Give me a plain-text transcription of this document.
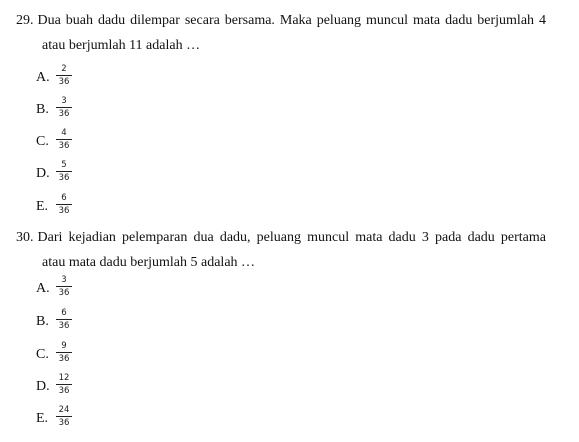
29. Dua buah dadu dilempar secara bersama. Maka peluang muncul mata dadu berjumlah 4
atau berjumlah 11 adalah …
A.
2
36
B.
3
36
C.
4
36
D.
5
36
E.
6
36
30. Dari kejadian pelemparan dua dadu, peluang muncul mata dadu 3 pada dadu pertama
atau mata dadu berjumlah 5 adalah …
A.
3
36
B.
6
36
C.
9
36
D.
12
36
E.
24
36
